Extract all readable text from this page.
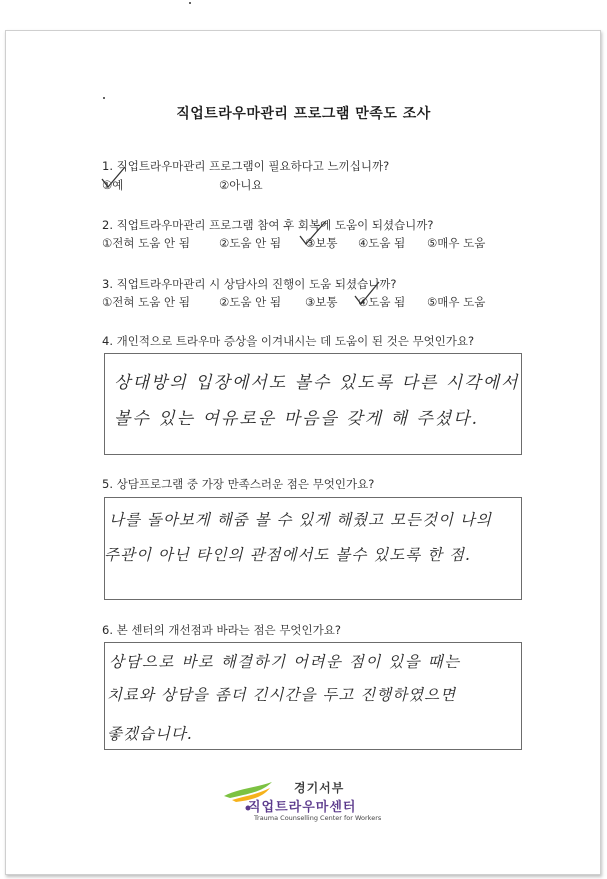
직업트라우마관리 프로그램 만족도 조사
1. 직업트라우마관리 프로그램이 필요하다고 느끼십니까?
①예	②아니요
2. 직업트라우마관리 프로그램 참여 후 회복에 도움이 되셨습니까?
①전혀 도움 안 됨	②도움 안 됨 ③보통 ④도움 됨 ⑤매우 도움
3. 직업트라우마관리 시 상담사의 진행이 도움 되셨습니까?
①전혀 도움 안 됨	②도움 안 됨 ③보통 ④도움 됨 ⑤매우 도움
4. 개인적으로 트라우마 증상을 이겨내시는 데 도움이 된 것은 무엇인가요?
상대방의 입장에서도 볼수 있도록 다른 시각에서
볼수 있는 여유로운 마음을 갖게 해 주셨다.
5. 상담프로그램 중 가장 만족스러운 점은 무엇인가요?
나를 돌아보게 해줌 볼 수 있게 해줬고 모든것이 나의
주관이 아닌 타인의 관점에서도 볼수 있도록 한 점.
6. 본 센터의 개선점과 바라는 점은 무엇인가요?
상담으로 바로 해결하기 어려운 점이 있을 때는
치료와 상담을 좀더 긴시간을 두고 진행하였으면
좋겠습니다.
경기서부
직업트라우마센터
Trauma Counselling Center for Workers
